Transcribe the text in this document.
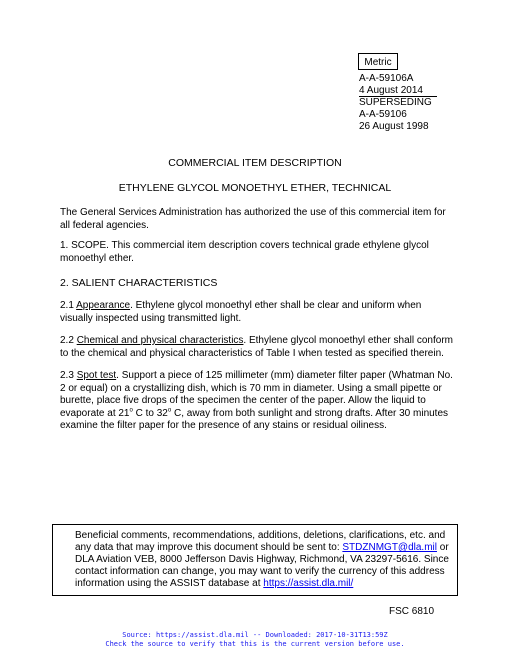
Metric
A-A-59106A
4 August 2014
SUPERSEDING
A-A-59106
26 August 1998
COMMERCIAL ITEM DESCRIPTION
ETHYLENE GLYCOL MONOETHYL ETHER, TECHNICAL
The General Services Administration has authorized the use of this commercial item for all federal agencies.
1. SCOPE. This commercial item description covers technical grade ethylene glycol monoethyl ether.
2. SALIENT CHARACTERISTICS
2.1 Appearance. Ethylene glycol monoethyl ether shall be clear and uniform when visually inspected using transmitted light.
2.2 Chemical and physical characteristics. Ethylene glycol monoethyl ether shall conform to the chemical and physical characteristics of Table I when tested as specified therein.
2.3 Spot test. Support a piece of 125 millimeter (mm) diameter filter paper (Whatman No. 2 or equal) on a crystallizing dish, which is 70 mm in diameter. Using a small pipette or burette, place five drops of the specimen the center of the paper. Allow the liquid to evaporate at 21$^o$ C to 32$^o$ C, away from both sunlight and strong drafts. After 30 minutes examine the filter paper for the presence of any stains or residual oiliness.
Beneficial comments, recommendations, additions, deletions, clarifications, etc. and any data that may improve this document should be sent to: STDZNMGT@dla.mil or DLA Aviation VEB, 8000 Jefferson Davis Highway, Richmond, VA 23297-5616. Since contact information can change, you may want to verify the currency of this address information using the ASSIST database at https://assist.dla.mil/
FSC 6810
Source: https://assist.dla.mil -- Downloaded: 2017-10-31T13:59Z
Check the source to verify that this is the current version before use.
